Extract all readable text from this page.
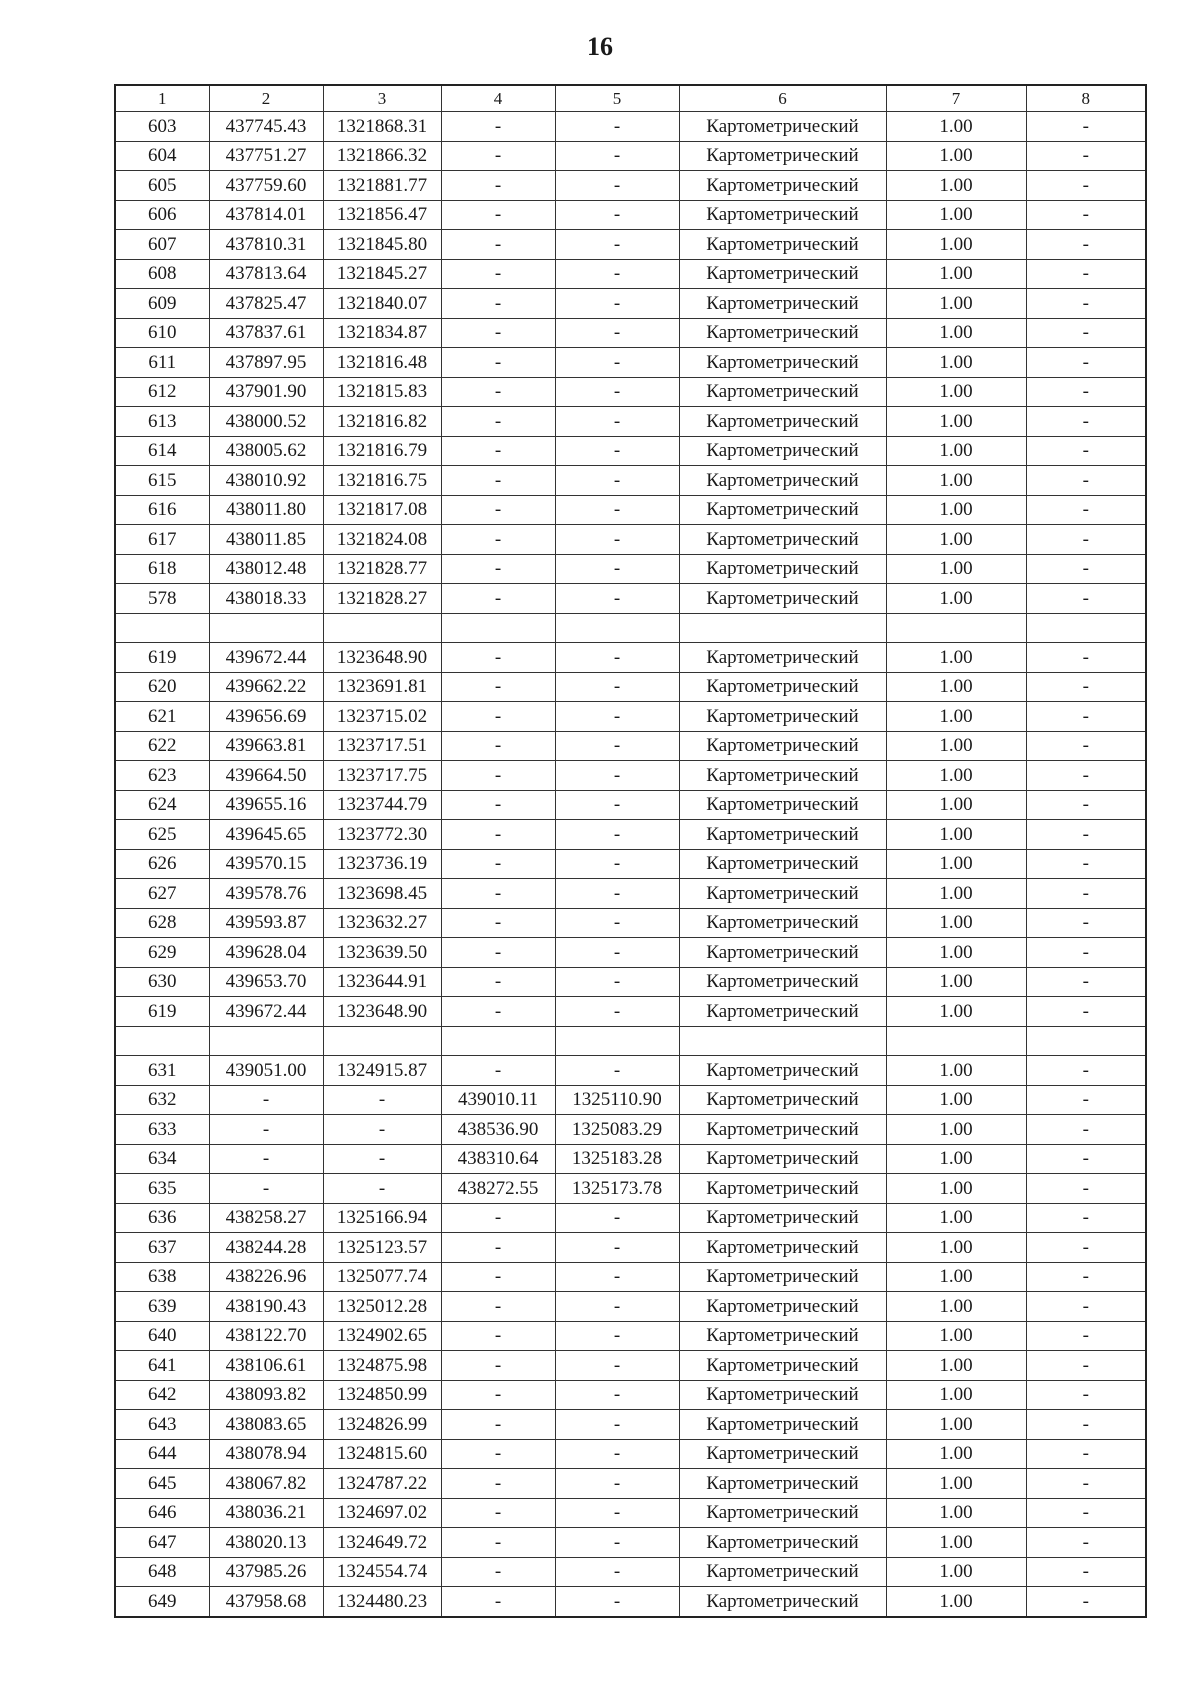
16
1	2	3	4	5	6	7	8
603	437745.43	1321868.31	-	-	Картометрический	1.00	-
604	437751.27	1321866.32	-	-	Картометрический	1.00	-
605	437759.60	1321881.77	-	-	Картометрический	1.00	-
606	437814.01	1321856.47	-	-	Картометрический	1.00	-
607	437810.31	1321845.80	-	-	Картометрический	1.00	-
608	437813.64	1321845.27	-	-	Картометрический	1.00	-
609	437825.47	1321840.07	-	-	Картометрический	1.00	-
610	437837.61	1321834.87	-	-	Картометрический	1.00	-
611	437897.95	1321816.48	-	-	Картометрический	1.00	-
612	437901.90	1321815.83	-	-	Картометрический	1.00	-
613	438000.52	1321816.82	-	-	Картометрический	1.00	-
614	438005.62	1321816.79	-	-	Картометрический	1.00	-
615	438010.92	1321816.75	-	-	Картометрический	1.00	-
616	438011.80	1321817.08	-	-	Картометрический	1.00	-
617	438011.85	1321824.08	-	-	Картометрический	1.00	-
618	438012.48	1321828.77	-	-	Картометрический	1.00	-
578	438018.33	1321828.27	-	-	Картометрический	1.00	-

619	439672.44	1323648.90	-	-	Картометрический	1.00	-
620	439662.22	1323691.81	-	-	Картометрический	1.00	-
621	439656.69	1323715.02	-	-	Картометрический	1.00	-
622	439663.81	1323717.51	-	-	Картометрический	1.00	-
623	439664.50	1323717.75	-	-	Картометрический	1.00	-
624	439655.16	1323744.79	-	-	Картометрический	1.00	-
625	439645.65	1323772.30	-	-	Картометрический	1.00	-
626	439570.15	1323736.19	-	-	Картометрический	1.00	-
627	439578.76	1323698.45	-	-	Картометрический	1.00	-
628	439593.87	1323632.27	-	-	Картометрический	1.00	-
629	439628.04	1323639.50	-	-	Картометрический	1.00	-
630	439653.70	1323644.91	-	-	Картометрический	1.00	-
619	439672.44	1323648.90	-	-	Картометрический	1.00	-

631	439051.00	1324915.87	-	-	Картометрический	1.00	-
632	-	-	439010.11	1325110.90	Картометрический	1.00	-
633	-	-	438536.90	1325083.29	Картометрический	1.00	-
634	-	-	438310.64	1325183.28	Картометрический	1.00	-
635	-	-	438272.55	1325173.78	Картометрический	1.00	-
636	438258.27	1325166.94	-	-	Картометрический	1.00	-
637	438244.28	1325123.57	-	-	Картометрический	1.00	-
638	438226.96	1325077.74	-	-	Картометрический	1.00	-
639	438190.43	1325012.28	-	-	Картометрический	1.00	-
640	438122.70	1324902.65	-	-	Картометрический	1.00	-
641	438106.61	1324875.98	-	-	Картометрический	1.00	-
642	438093.82	1324850.99	-	-	Картометрический	1.00	-
643	438083.65	1324826.99	-	-	Картометрический	1.00	-
644	438078.94	1324815.60	-	-	Картометрический	1.00	-
645	438067.82	1324787.22	-	-	Картометрический	1.00	-
646	438036.21	1324697.02	-	-	Картометрический	1.00	-
647	438020.13	1324649.72	-	-	Картометрический	1.00	-
648	437985.26	1324554.74	-	-	Картометрический	1.00	-
649	437958.68	1324480.23	-	-	Картометрический	1.00	-
